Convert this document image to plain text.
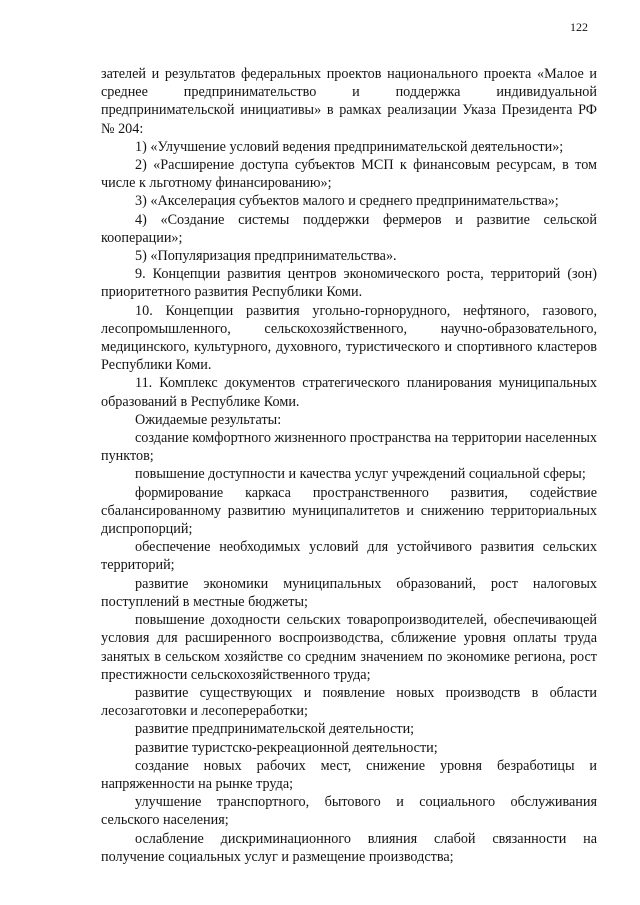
122

зателей и результатов федеральных проектов национального проекта «Малое и среднее предпринимательство и поддержка индивидуальной предпринимательской инициативы» в рамках реализации Указа Президента РФ № 204:

1) «Улучшение условий ведения предпринимательской деятельности»;

2) «Расширение доступа субъектов МСП к финансовым ресурсам, в том числе к льготному финансированию»;

3) «Акселерация субъектов малого и среднего предпринимательства»;

4) «Создание системы поддержки фермеров и развитие сельской кооперации»;

5) «Популяризация предпринимательства».

9. Концепции развития центров экономического роста, территорий (зон) приоритетного развития Республики Коми.

10. Концепции развития угольно-горнорудного, нефтяного, газового, лесопромышленного, сельскохозяйственного, научно-образовательного, медицинского, культурного, духовного, туристического и спортивного кластеров Республики Коми.

11. Комплекс документов стратегического планирования муниципальных образований в Республике Коми.

Ожидаемые результаты:

создание комфортного жизненного пространства на территории населенных пунктов;

повышение доступности и качества услуг учреждений социальной сферы;

формирование каркаса пространственного развития, содействие сбалансированному развитию муниципалитетов и снижению территориальных диспропорций;

обеспечение необходимых условий для устойчивого развития сельских территорий;

развитие экономики муниципальных образований, рост налоговых поступлений в местные бюджеты;

повышение доходности сельских товаропроизводителей, обеспечивающей условия для расширенного воспроизводства, сближение уровня оплаты труда занятых в сельском хозяйстве со средним значением по экономике региона, рост престижности сельскохозяйственного труда;

развитие существующих и появление новых производств в области лесозаготовки и лесопереработки;

развитие предпринимательской деятельности;

развитие туристско-рекреационной деятельности;

создание новых рабочих мест, снижение уровня безработицы и напряженности на рынке труда;

улучшение транспортного, бытового и социального обслуживания сельского населения;

ослабление дискриминационного влияния слабой связанности на получение социальных услуг и размещение производства;
